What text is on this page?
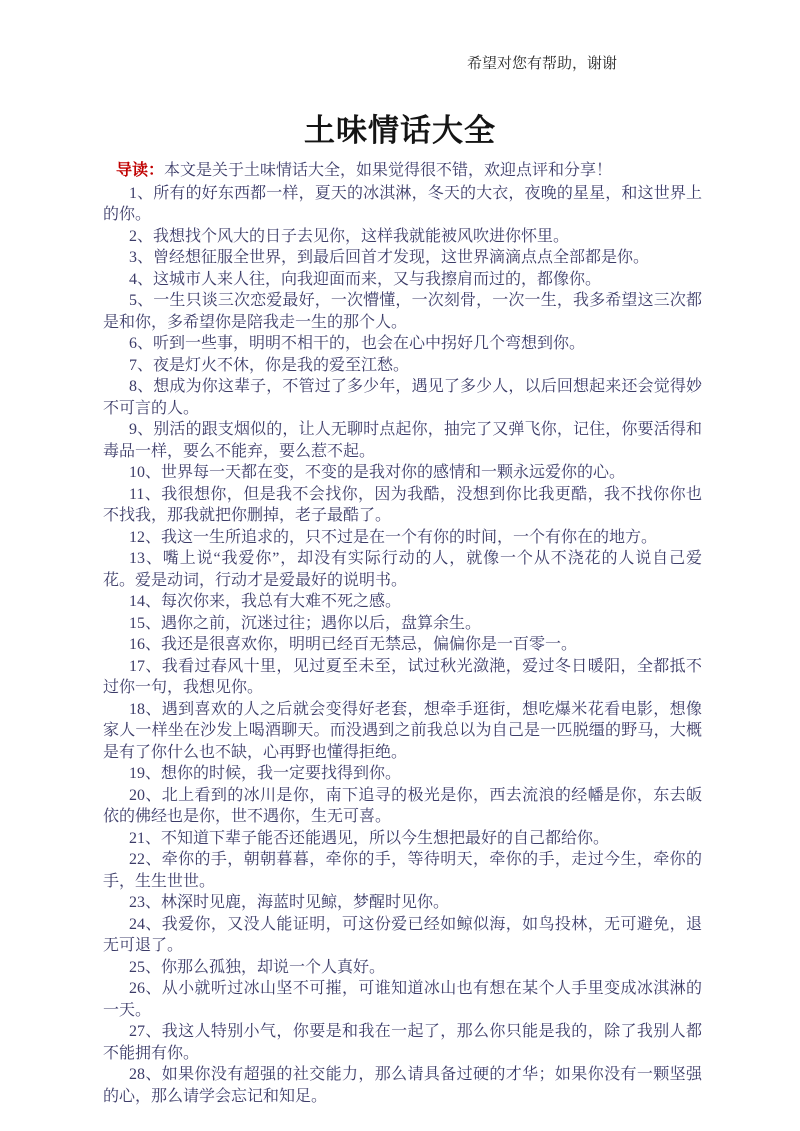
希望对您有帮助，谢谢
土味情话大全

导读：本文是关于土味情话大全，如果觉得很不错，欢迎点评和分享！

1、所有的好东西都一样，夏天的冰淇淋，冬天的大衣，夜晚的星星，和这世界上的你。

2、我想找个风大的日子去见你，这样我就能被风吹进你怀里。

3、曾经想征服全世界，到最后回首才发现，这世界滴滴点点全部都是你。

4、这城市人来人往，向我迎面而来，又与我擦肩而过的，都像你。

5、一生只谈三次恋爱最好，一次懵懂，一次刻骨，一次一生，我多希望这三次都是和你，多希望你是陪我走一生的那个人。

6、听到一些事，明明不相干的，也会在心中拐好几个弯想到你。

7、夜是灯火不休，你是我的爱至江愁。

8、想成为你这辈子，不管过了多少年，遇见了多少人，以后回想起来还会觉得妙不可言的人。

9、别活的跟支烟似的，让人无聊时点起你，抽完了又弹飞你，记住，你要活得和毒品一样，要么不能弃，要么惹不起。

10、世界每一天都在变，不变的是我对你的感情和一颗永远爱你的心。

11、我很想你，但是我不会找你，因为我酷，没想到你比我更酷，我不找你你也不找我，那我就把你删掉，老子最酷了。

12、我这一生所追求的，只不过是在一个有你的时间，一个有你在的地方。

13、嘴上说“我爱你”，却没有实际行动的人，就像一个从不浇花的人说自己爱花。爱是动词，行动才是爱最好的说明书。

14、每次你来，我总有大难不死之感。

15、遇你之前，沉迷过往；遇你以后，盘算余生。

16、我还是很喜欢你，明明已经百无禁忌，偏偏你是一百零一。

17、我看过春风十里，见过夏至未至，试过秋光潋滟，爱过冬日暖阳，全都抵不过你一句，我想见你。

18、遇到喜欢的人之后就会变得好老套，想牵手逛街，想吃爆米花看电影，想像家人一样坐在沙发上喝酒聊天。而没遇到之前我总以为自己是一匹脱缰的野马，大概是有了你什么也不缺，心再野也懂得拒绝。

19、想你的时候，我一定要找得到你。

20、北上看到的冰川是你，南下追寻的极光是你，西去流浪的经幡是你，东去皈依的佛经也是你，世不遇你，生无可喜。

21、不知道下辈子能否还能遇见，所以今生想把最好的自己都给你。

22、牵你的手，朝朝暮暮，牵你的手，等待明天，牵你的手，走过今生，牵你的手，生生世世。

23、林深时见鹿，海蓝时见鲸，梦醒时见你。

24、我爱你，又没人能证明，可这份爱已经如鲸似海，如鸟投林，无可避免，退无可退了。

25、你那么孤独，却说一个人真好。

26、从小就听过冰山坚不可摧，可谁知道冰山也有想在某个人手里变成冰淇淋的一天。

27、我这人特别小气，你要是和我在一起了，那么你只能是我的，除了我别人都不能拥有你。

28、如果你没有超强的社交能力，那么请具备过硬的才华；如果你没有一颗坚强的心，那么请学会忘记和知足。
